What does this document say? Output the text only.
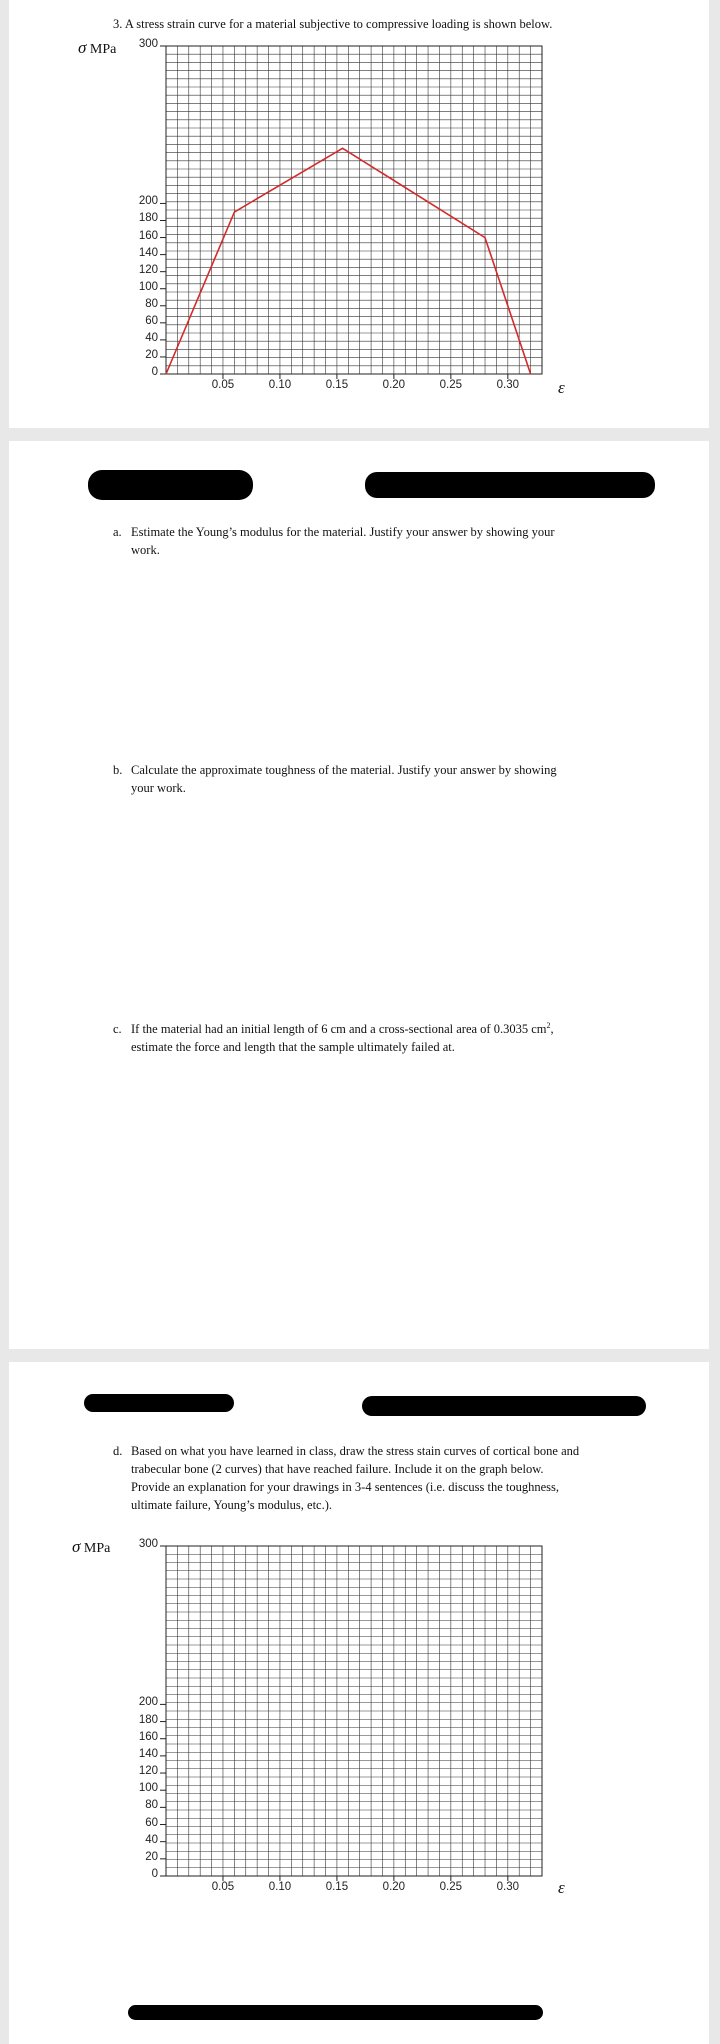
3. A stress strain curve for a material subjective to compressive loading is shown below.
σ MPa
0
20
40
60
80
100
120
140
160
180
200
300
0.05	0.10	0.15	0.20	0.25	0.30	ε
a. Estimate the Young’s modulus for the material. Justify your answer by showing your
work.
b. Calculate the approximate toughness of the material. Justify your answer by showing
your work.
c. If the material had an initial length of 6 cm and a cross-sectional area of 0.3035 $cm^2$,
estimate the force and length that the sample ultimately failed at.
d. Based on what you have learned in class, draw the stress stain curves of cortical bone and
trabecular bone (2 curves) that have reached failure. Include it on the graph below.
Provide an explanation for your drawings in 3-4 sentences (i.e. discuss the toughness,
ultimate failure, Young’s modulus, etc.).
σ MPa
0
20
40
60
80
100
120
140
160
180
200
300
0.05	0.10	0.15	0.20	0.25	0.30	ε
